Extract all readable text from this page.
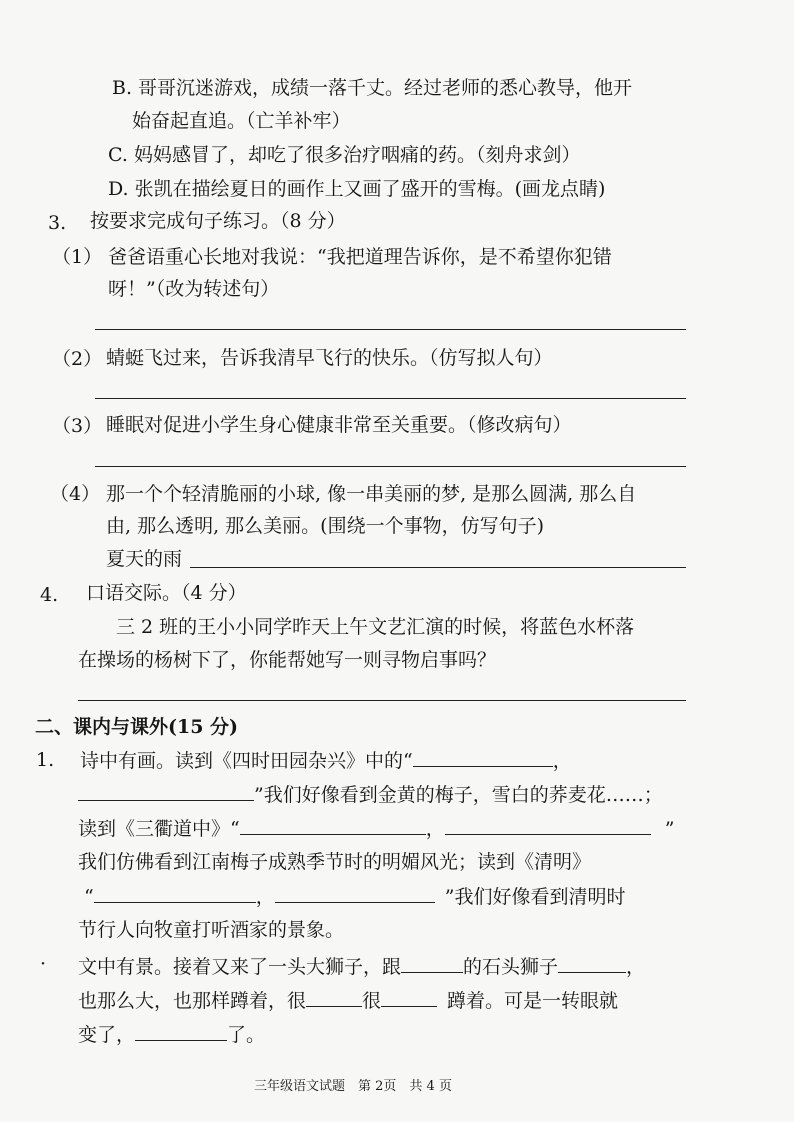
B. 哥哥沉迷游戏，成绩一落千丈。经过老师的悉心教导，他开
始奋起直追。（亡羊补牢）
C. 妈妈感冒了，却吃了很多治疗咽痛的药。（刻舟求剑）
D. 张凯在描绘夏日的画作上又画了盛开的雪梅。(画龙点睛)
3. 按要求完成句子练习。（8 分）
（1） 爸爸语重心长地对我说：“我把道理告诉你，是不希望你犯错
呀！”（改为转述句）
（2） 蜻蜓飞过来，告诉我清早飞行的快乐。（仿写拟人句）
（3） 睡眠对促进小学生身心健康非常至关重要。（修改病句）
（4） 那一个个轻清脆丽的小球, 像一串美丽的梦, 是那么圆满, 那么自
由, 那么透明, 那么美丽。(围绕一个事物，仿写句子)
夏天的雨
4. 口语交际。（4 分）
三 2 班的王小小同学昨天上午文艺汇演的时候，将蓝色水杯落
在操场的杨树下了，你能帮她写一则寻物启事吗？
二、课内与课外(15 分)
1. 诗中有画。读到《四时田园杂兴》中的“	，
”我们好像看到金黄的梅子，雪白的荞麦花……；
读到《三衢道中》“	，	”
我们仿佛看到江南梅子成熟季节时的明媚风光；读到《清明》
“	，	”我们好像看到清明时
节行人向牧童打听酒家的景象。
· 文中有景。接着又来了一头大狮子，跟	的石头狮子	，
也那么大，也那样蹲着，很	很	蹲着。可是一转眼就
变了，	了。
三年级语文试题　第 2页　共 4 页
